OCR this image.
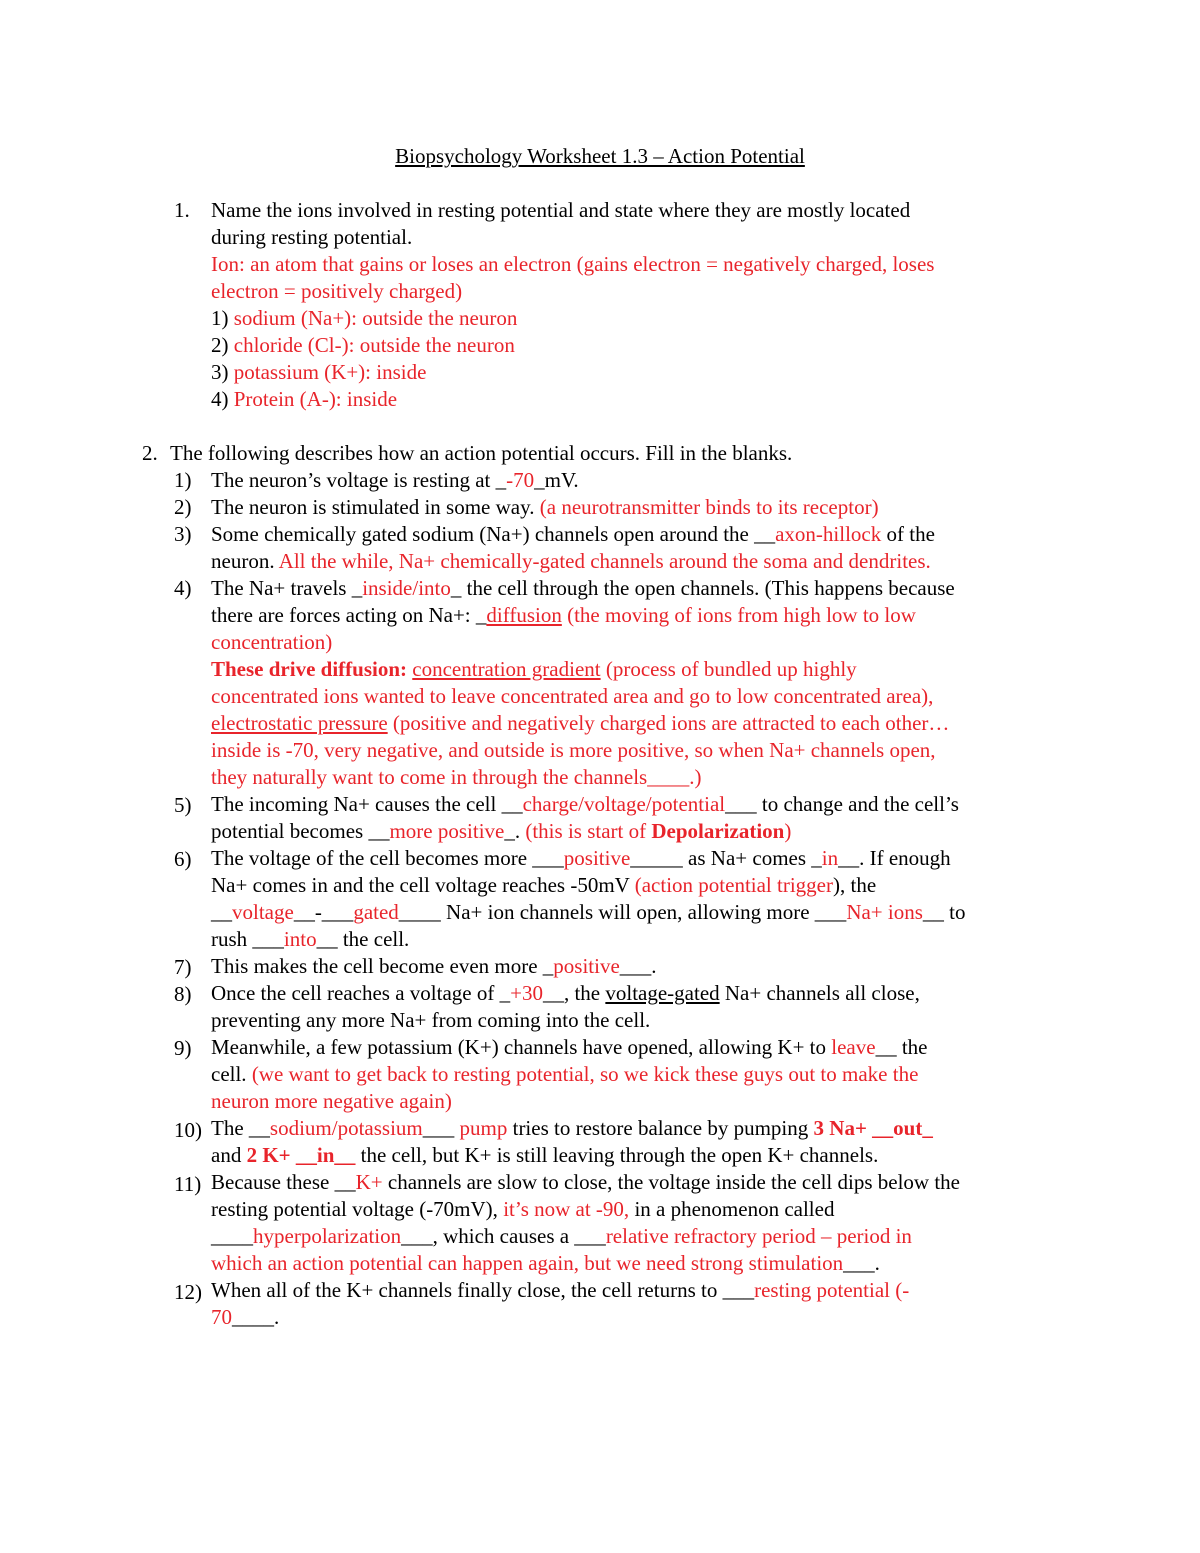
Biopsychology Worksheet 1.3 – Action Potential
1. Name the ions involved in resting potential and state where they are mostly located
during resting potential.
Ion: an atom that gains or loses an electron (gains electron = negatively charged, loses
electron = positively charged)
1) sodium (Na+): outside the neuron
2) chloride (Cl-): outside the neuron
3) potassium (K+): inside
4) Protein (A-): inside
2. The following describes how an action potential occurs. Fill in the blanks.
1)
2)
3)
4)
5)
6)
7)
8)
9)
10)
11)
12)
The neuron’s voltage is resting at _-70_mV.
The neuron is stimulated in some way. (a neurotransmitter binds to its receptor)
Some chemically gated sodium (Na+) channels open around the __axon-hillock of the
neuron. All the while, Na+ chemically-gated channels around the soma and dendrites.
The Na+ travels _inside/into_ the cell through the open channels. (This happens because
there are forces acting on Na+: _diffusion (the moving of ions from high low to low
concentration)
These drive diffusion: concentration gradient (process of bundled up highly
concentrated ions wanted to leave concentrated area and go to low concentrated area),
electrostatic pressure (positive and negatively charged ions are attracted to each other…
inside is -70, very negative, and outside is more positive, so when Na+ channels open,
they naturally want to come in through the channels____.)
The incoming Na+ causes the cell __charge/voltage/potential___ to change and the cell’s
potential becomes __more positive_. (this is start of Depolarization)
The voltage of the cell becomes more ___positive_____ as Na+ comes _in__. If enough
Na+ comes in and the cell voltage reaches -50mV (action potential trigger), the
__voltage__-___gated____ Na+ ion channels will open, allowing more ___Na+ ions__ to
rush ___into__ the cell.
This makes the cell become even more _positive___.
Once the cell reaches a voltage of _+30__, the voltage-gated Na+ channels all close,
preventing any more Na+ from coming into the cell.
Meanwhile, a few potassium (K+) channels have opened, allowing K+ to leave__ the
cell. (we want to get back to resting potential, so we kick these guys out to make the
neuron more negative again)
The __sodium/potassium___ pump tries to restore balance by pumping 3 Na+ __out_
and 2 K+ __in__ the cell, but K+ is still leaving through the open K+ channels.
Because these __K+ channels are slow to close, the voltage inside the cell dips below the
resting potential voltage (-70mV), it’s now at -90, in a phenomenon called
____hyperpolarization___, which causes a ___relative refractory period – period in
which an action potential can happen again, but we need strong stimulation___.
When all of the K+ channels finally close, the cell returns to ___resting potential (-
70____.
